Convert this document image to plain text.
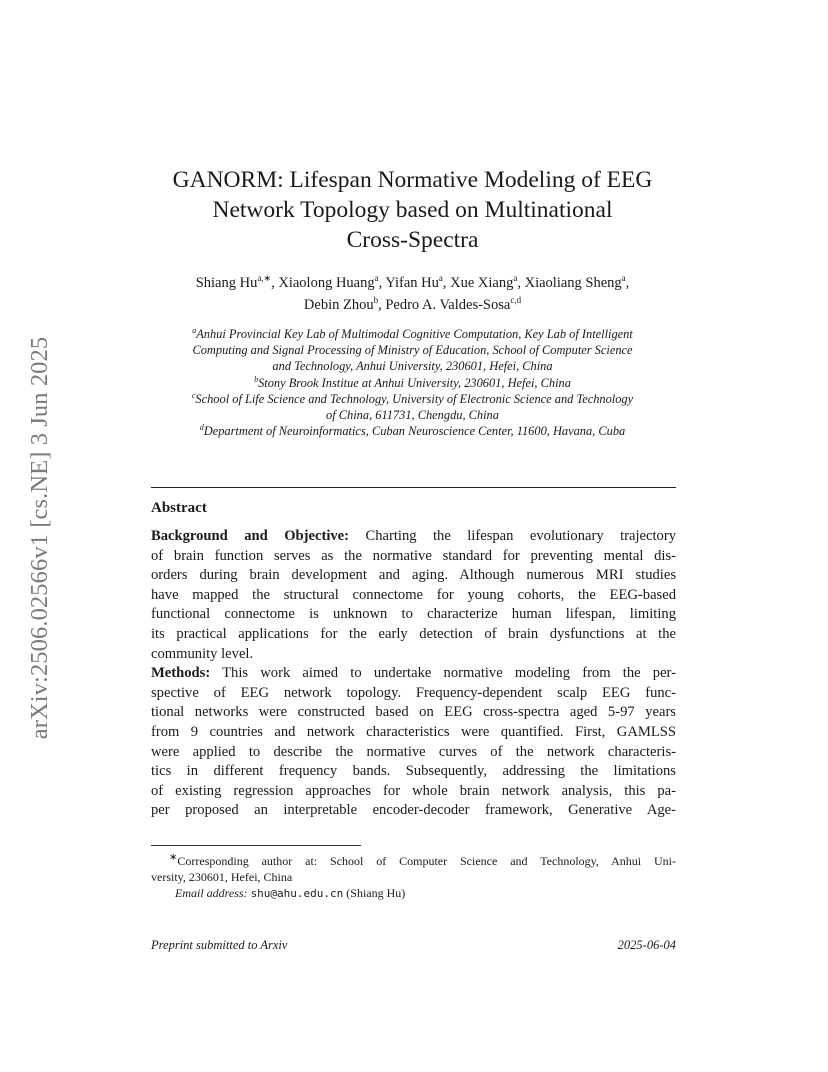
arXiv:2506.02566v1 [cs.NE] 3 Jun 2025
GANORM: Lifespan Normative Modeling of EEG
Network Topology based on Multinational
Cross-Spectra
Shiang $Hu^{a,∗}$, Xiaolong Huang$^a$, Yifan Hu$^a$, Xue Xiang$^a$, Xiaoliang Sheng$^a$,
Debin Zhou$^b$, Pedro A. Valdes-Sosa$^{c,d}$
$^a$Anhui Provincial Key Lab of Multimodal Cognitive Computation, Key Lab of Intelligent
Computing and Signal Processing of Ministry of Education, School of Computer Science
and Technology, Anhui University, 230601, Hefei, China
$^b$Stony Brook Institue at Anhui University, 230601, Hefei, China
$^c$School of Life Science and Technology, University of Electronic Science and Technology
of China, 611731, Chengdu, China
$^d$Department of Neuroinformatics, Cuban Neuroscience Center, 11600, Havana, Cuba
Abstract
Background and Objective: Charting the lifespan evolutionary trajectory
of brain function serves as the normative standard for preventing mental dis-
orders during brain development and aging. Although numerous MRI studies
have mapped the structural connectome for young cohorts, the EEG-based
functional connectome is unknown to characterize human lifespan, limiting
its practical applications for the early detection of brain dysfunctions at the
community level.
Methods: This work aimed to undertake normative modeling from the per-
spective of EEG network topology. Frequency-dependent scalp EEG func-
tional networks were constructed based on EEG cross-spectra aged 5-97 years
from 9 countries and network characteristics were quantified. First, GAMLSS
were applied to describe the normative curves of the network characteris-
tics in different frequency bands. Subsequently, addressing the limitations
of existing regression approaches for whole brain network analysis, this pa-
per proposed an interpretable encoder-decoder framework, Generative Age-
∗Corresponding author at: School of Computer Science and Technology, Anhui Uni-
versity, 230601, Hefei, China
Email address: shu@ahu.edu.cn (Shiang Hu)
Preprint submitted to Arxiv	2025-06-04
